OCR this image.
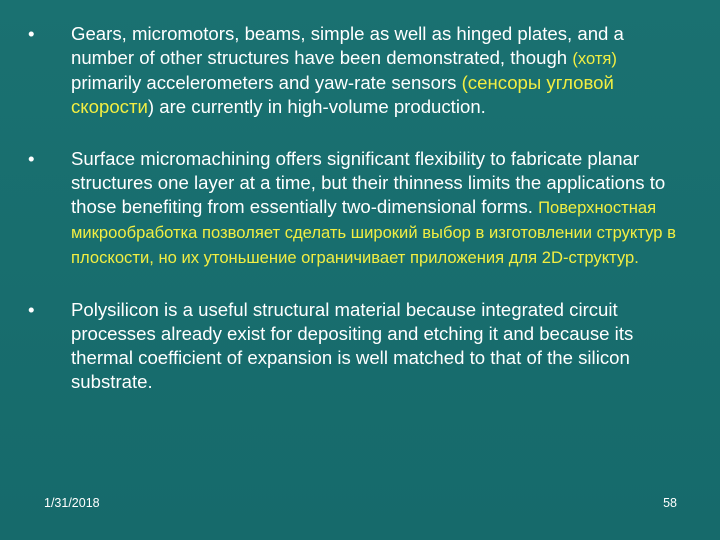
•	Gears, micromotors, beams, simple as well as hinged plates, and a number of other structures have been demonstrated, though (хотя) primarily accelerometers and yaw-rate sensors (сенсоры угловой скорости) are currently in high-volume production.
•	Surface micromachining offers significant flexibility to fabricate planar structures one layer at a time, but their thinness limits the applications to those benefiting from essentially two-dimensional forms. Поверхностная микрообработка позволяет сделать широкий выбор в изготовлении структур в плоскости, но их утоньшение ограничивает приложения для 2D-структур.
•	Polysilicon is a useful structural material because integrated circuit processes already exist for depositing and etching it and because its thermal coefficient of expansion is well matched to that of the silicon substrate.
1/31/2018	58
